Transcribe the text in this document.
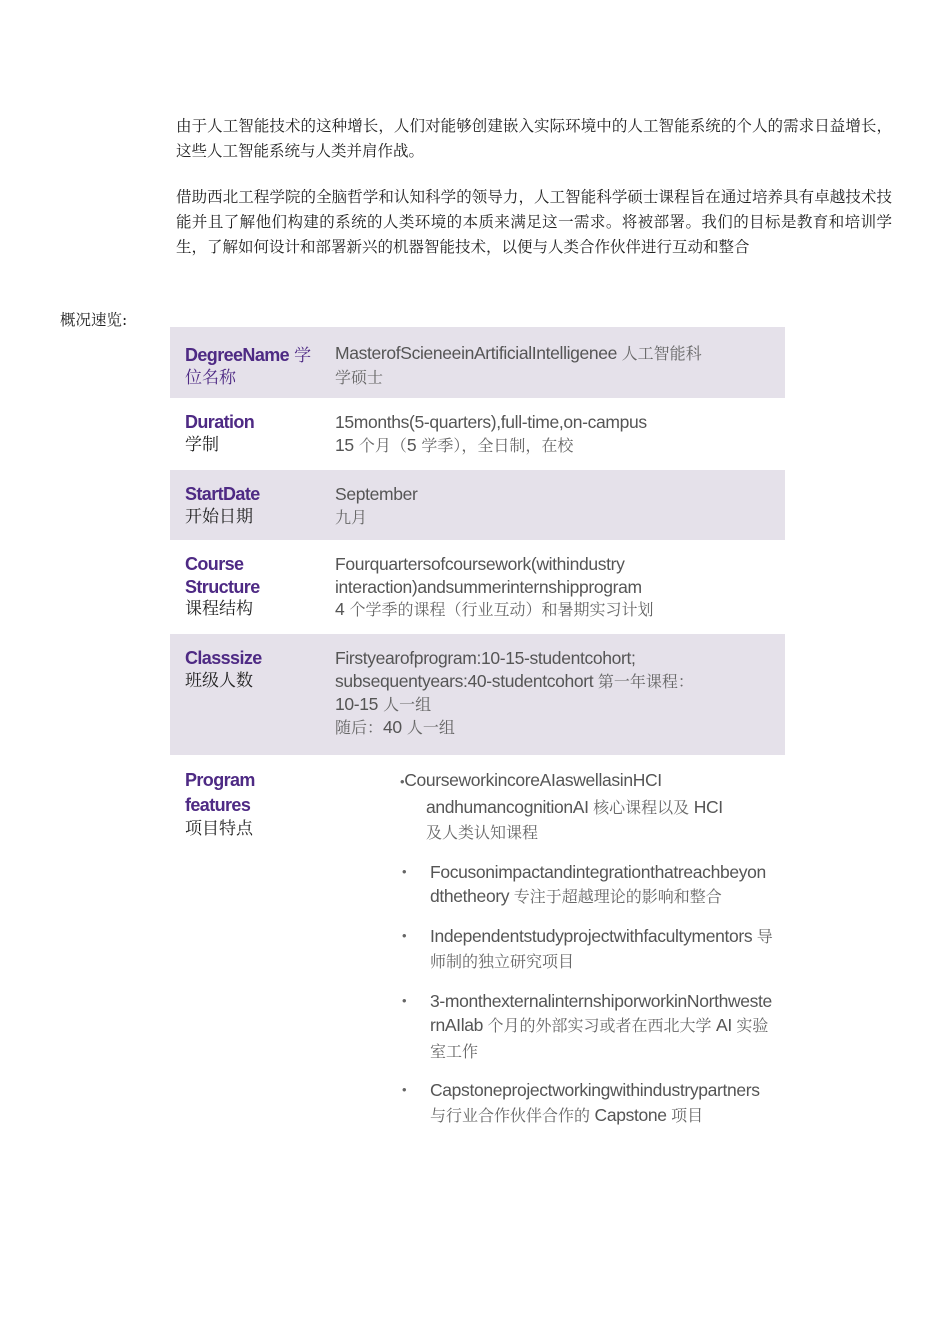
由于人工智能技术的这种增长，人们对能够创建嵌入实际环境中的人工智能系统的个人的需求日益增长，这些人工智能系统与人类并肩作战。

借助西北工程学院的全脑哲学和认知科学的领导力，人工智能科学硕士课程旨在通过培养具有卓越技术技能并且了解他们构建的系统的人类环境的本质来满足这一需求。将被部署。我们的目标是教育和培训学生，了解如何设计和部署新兴的机器智能技术，以便与人类合作伙伴进行互动和整合

概况速览:
DegreeName 学
位名称
MasterofScieneeinArtificialIntelligenee 人工智能科
学硕士
Duration
学制
15months(5-quarters),full-time,on-campus
15 个月（5 学季），全日制，在校
StartDate
开始日期
September
九月
Course
Structure
课程结构
Fourquartersofcoursework(withindustry
interaction)andsummerinternshipprogram
4 个学季的课程（行业互动）和暑期实习计划
Classsize
班级人数
Firstyearofprogram:10-15-studentcohort;
subsequentyears:40-studentcohort 第一年课程：
10-15 人一组
随后：40 人一组
Program
features
项目特点
•CourseworkincoreAIaswellasinHCI
andhumancognitionAI 核心课程以及 HCI
及人类认知课程
• Focusonimpactandintegrationthatreachbeyondthetheory 专注于超越理论的影响和整合
• Independentstudyprojectwithfacultymentors 导师制的独立研究项目
• 3-monthexternalinternshiporworkinNorthwesternAIlab 个月的外部实习或者在西北大学 AI 实验室工作
• Capstoneprojectworkingwithindustrypartners 与行业合作伙伴合作的 Capstone 项目
